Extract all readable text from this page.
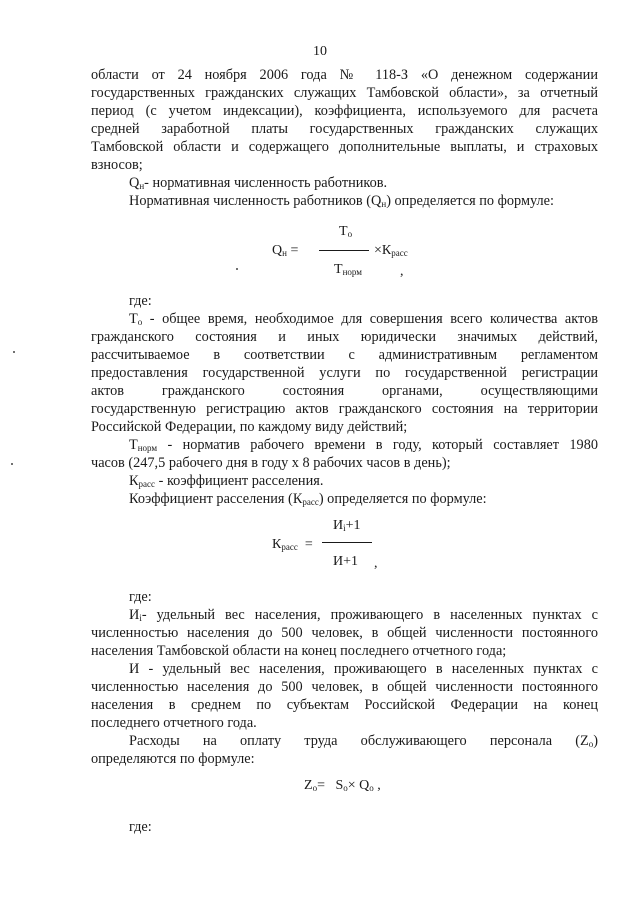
10
области от 24 ноября 2006 года № 118-З «О денежном содержании
государственных гражданских служащих Тамбовской области», за отчетный
период (с учетом индексации), коэффициента, используемого для расчета
средней заработной платы государственных гражданских служащих
Тамбовской области и содержащего дополнительные выплаты, и страховых
взносов;
$Q_н-$ нормативная численность работников.
Нормативная численность работников $(Q_н)$ определяется по формуле:
$Q_н$ =
$Т_о$
$\times К_{расс}$
$Т_{норм}$	,
где:
$Т_о$ - общее время, необходимое для совершения всего количества актов
гражданского состояния и иных юридически значимых действий,
рассчитываемое в соответствии с административным регламентом
предоставления государственной услуги по государственной регистрации
актов гражданского состояния органами, осуществляющими
государственную регистрацию актов гражданского состояния на территории
Российской Федерации, по каждому виду действий;
$Т_{норм}$ - норматив рабочего времени в году, который составляет 1980
часов (247,5 рабочего дня в году х 8 рабочих часов в день);
$К_{расс}$ - коэффициент расселения.
Коэффициент расселения $(К_{расс})$ определяется по формуле:
$К_{расс}$ =
$И_i+1$
И+1 ,
где:
$И_i-$ удельный вес населения, проживающего в населенных пунктах с
численностью населения до 500 человек, в общей численности постоянного
населения Тамбовской области на конец последнего отчетного года;
И - удельный вес населения, проживающего в населенных пунктах с
численностью населения до 500 человек, в общей численности постоянного
населения в среднем по субъектам Российской Федерации на конец
последнего отчетного года.
Расходы на оплату труда обслуживающего персонала $(Z_о)$
определяются по формуле:
$Z_о= S_о\times Q_о$ ,
где:
